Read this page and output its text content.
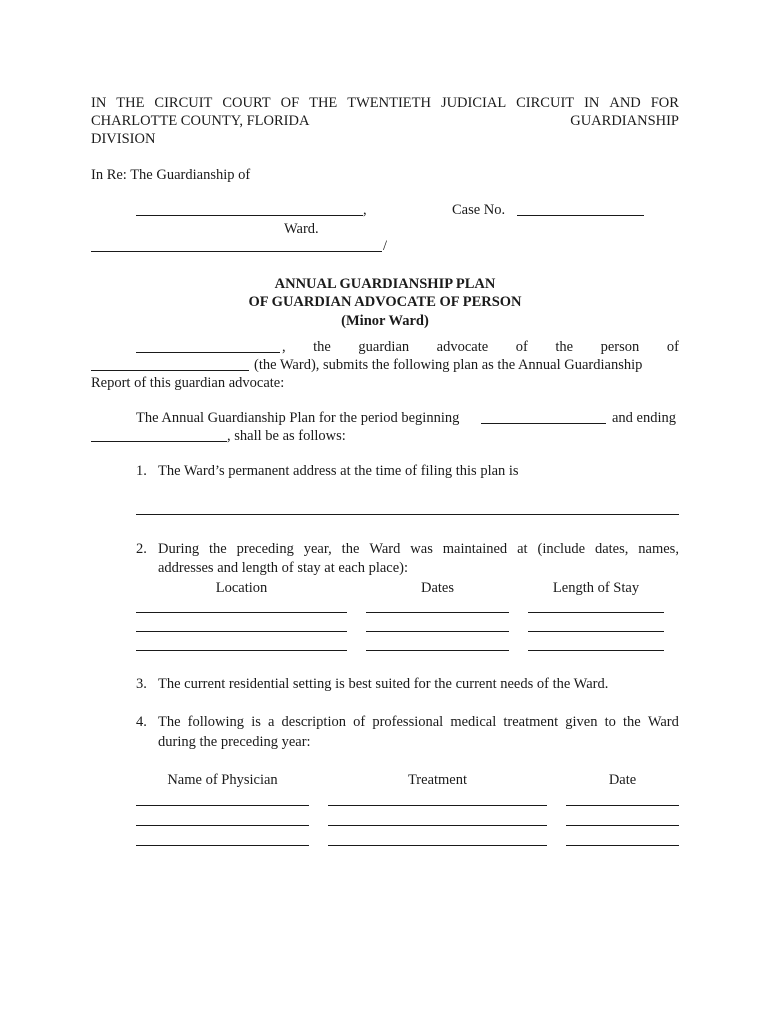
IN THE CIRCUIT COURT OF THE TWENTIETH JUDICIAL CIRCUIT IN AND FOR
CHARLOTTE COUNTY, FLORIDA	GUARDIANSHIP
DIVISION
In Re: The Guardianship of
,	Case No.
Ward.
/
ANNUAL GUARDIANSHIP PLAN
OF GUARDIAN ADVOCATE OF PERSON
(Minor Ward)
, the guardian advocate of the person of
(the Ward), submits the following plan as the Annual Guardianship
Report of this guardian advocate:
The Annual Guardianship Plan for the period beginning	and ending
, shall be as follows:
1. The Ward’s permanent address at the time of filing this plan is
2. During the preceding year, the Ward was maintained at (include dates, names,
addresses and length of stay at each place):
Location	Dates	Length of Stay
3. The current residential setting is best suited for the current needs of the Ward.
4. The following is a description of professional medical treatment given to the Ward
during the preceding year:
Name of Physician	Treatment	Date
